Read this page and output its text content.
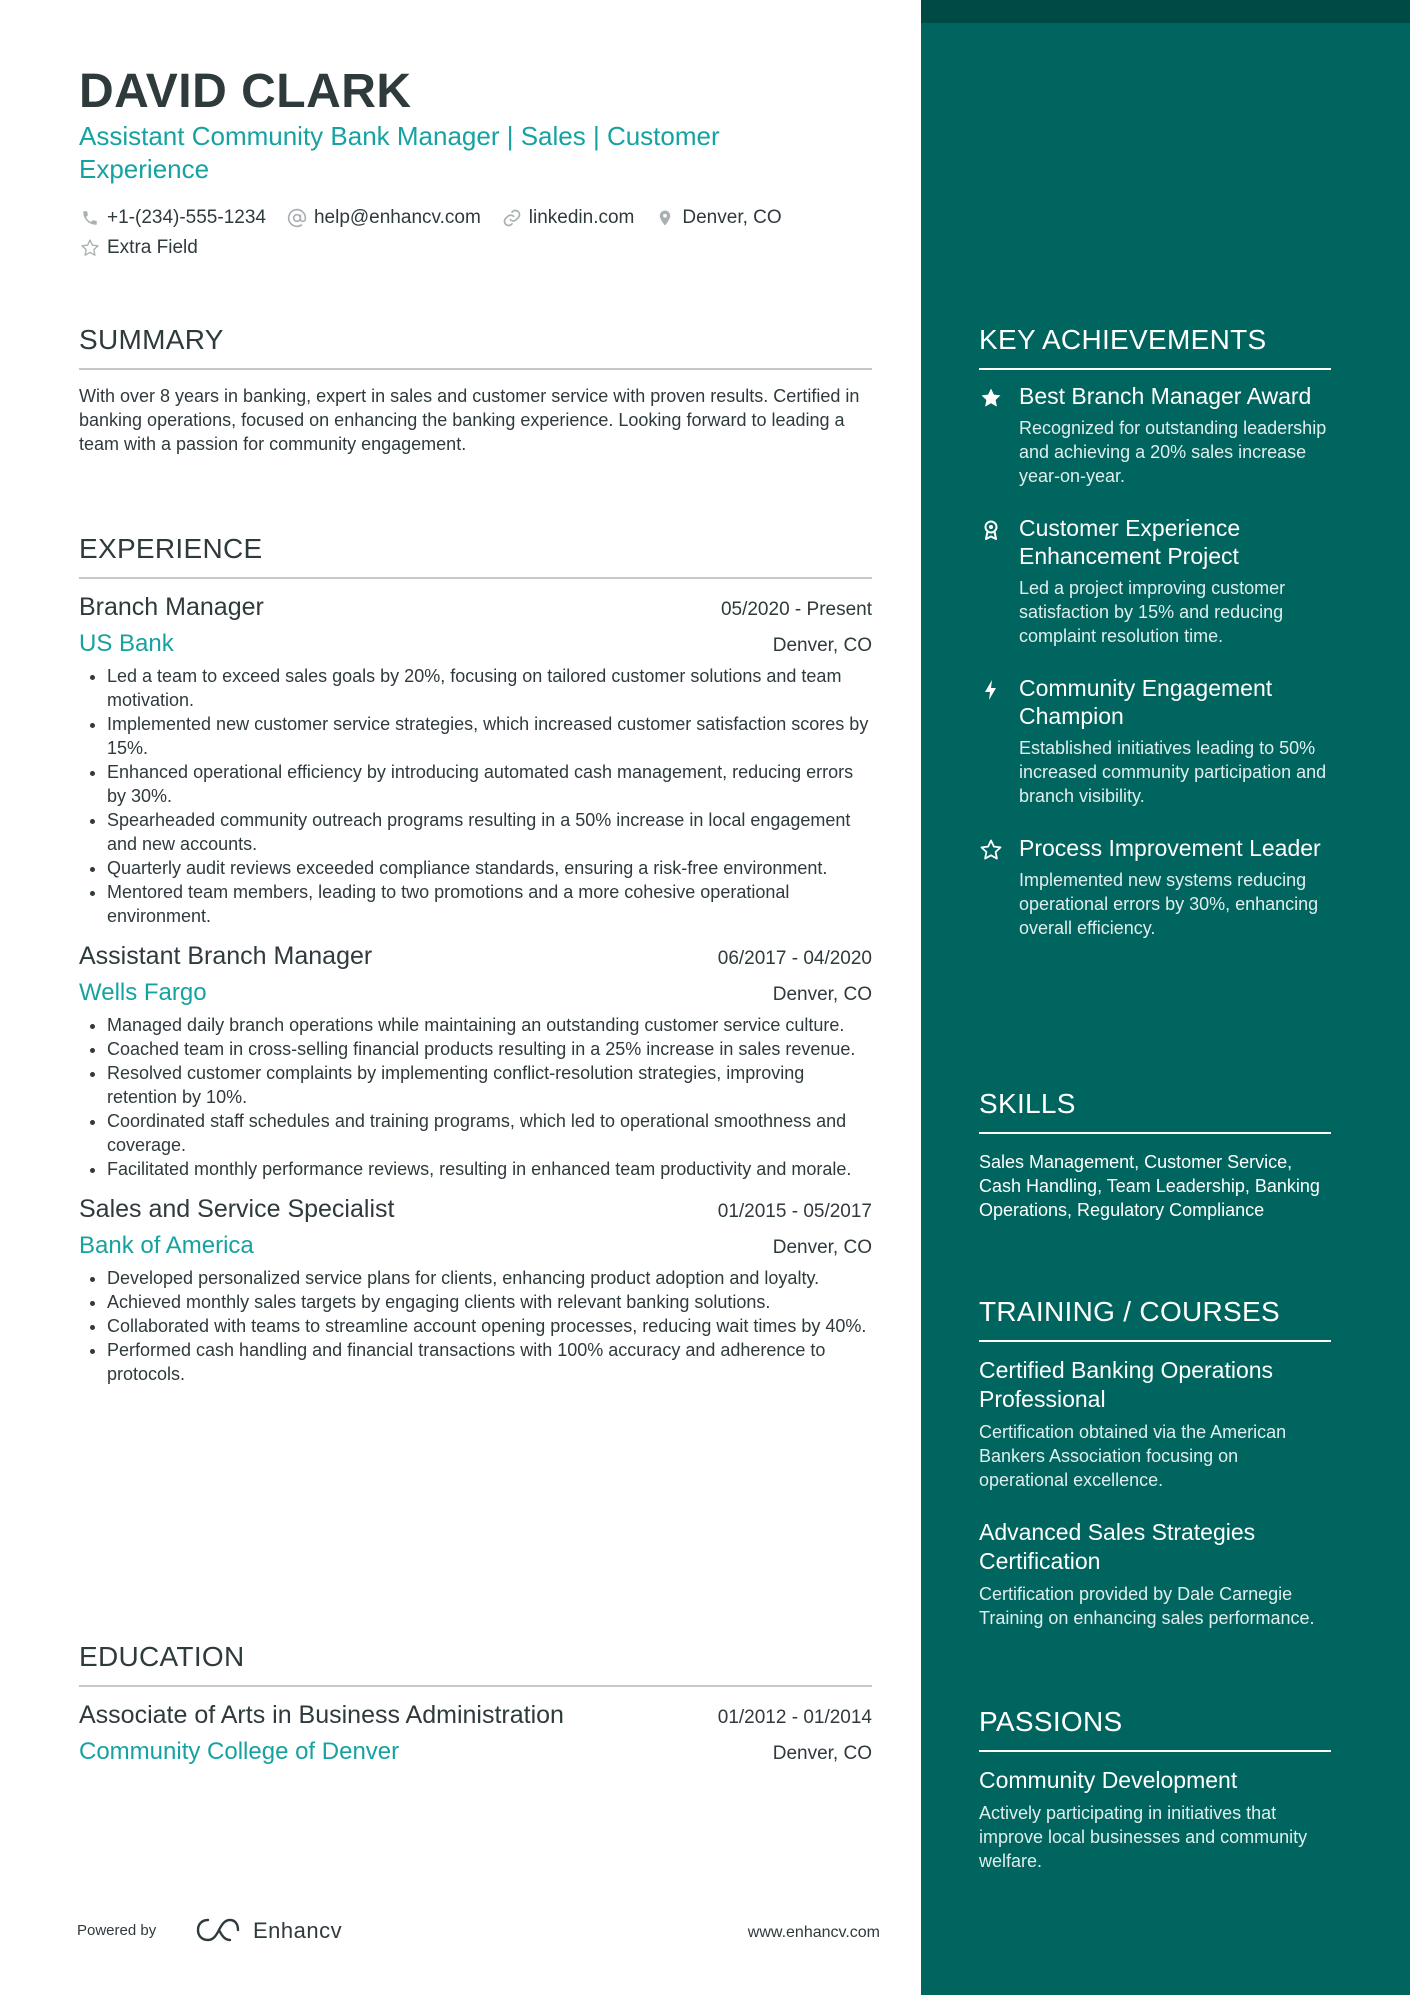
DAVID CLARK
Assistant Community Bank Manager | Sales | Customer Experience
+1-(234)-555-1234	help@enhancv.com	linkedin.com	Denver, CO
Extra Field
SUMMARY

With over 8 years in banking, expert in sales and customer service with proven results. Certified in banking operations, focused on enhancing the banking experience. Looking forward to leading a team with a passion for community engagement.

EXPERIENCE
Branch Manager	05/2020 - Present
US Bank	Denver, CO
• Led a team to exceed sales goals by 20%, focusing on tailored customer solutions and team motivation.
• Implemented new customer service strategies, which increased customer satisfaction scores by 15%.
• Enhanced operational efficiency by introducing automated cash management, reducing errors by 30%.
• Spearheaded community outreach programs resulting in a 50% increase in local engagement and new accounts.
• Quarterly audit reviews exceeded compliance standards, ensuring a risk-free environment.
• Mentored team members, leading to two promotions and a more cohesive operational environment.
Assistant Branch Manager	06/2017 - 04/2020
Wells Fargo	Denver, CO
• Managed daily branch operations while maintaining an outstanding customer service culture.
• Coached team in cross-selling financial products resulting in a 25% increase in sales revenue.
• Resolved customer complaints by implementing conflict-resolution strategies, improving retention by 10%.
• Coordinated staff schedules and training programs, which led to operational smoothness and coverage.
• Facilitated monthly performance reviews, resulting in enhanced team productivity and morale.
Sales and Service Specialist	01/2015 - 05/2017
Bank of America	Denver, CO
• Developed personalized service plans for clients, enhancing product adoption and loyalty.
• Achieved monthly sales targets by engaging clients with relevant banking solutions.
• Collaborated with teams to streamline account opening processes, reducing wait times by 40%.
• Performed cash handling and financial transactions with 100% accuracy and adherence to protocols.
EDUCATION
Associate of Arts in Business Administration	01/2012 - 01/2014
Community College of Denver	Denver, CO
Powered by	Enhancv	www.enhancv.com
KEY ACHIEVEMENTS
Best Branch Manager Award
Recognized for outstanding leadership and achieving a 20% sales increase year-on-year.
Customer Experience Enhancement Project
Led a project improving customer satisfaction by 15% and reducing complaint resolution time.
Community Engagement Champion
Established initiatives leading to 50% increased community participation and branch visibility.
Process Improvement Leader
Implemented new systems reducing operational errors by 30%, enhancing overall efficiency.
SKILLS
Sales Management, Customer Service, Cash Handling, Team Leadership, Banking Operations, Regulatory Compliance
TRAINING / COURSES
Certified Banking Operations Professional
Certification obtained via the American Bankers Association focusing on operational excellence.
Advanced Sales Strategies Certification
Certification provided by Dale Carnegie Training on enhancing sales performance.
PASSIONS
Community Development
Actively participating in initiatives that improve local businesses and community welfare.
